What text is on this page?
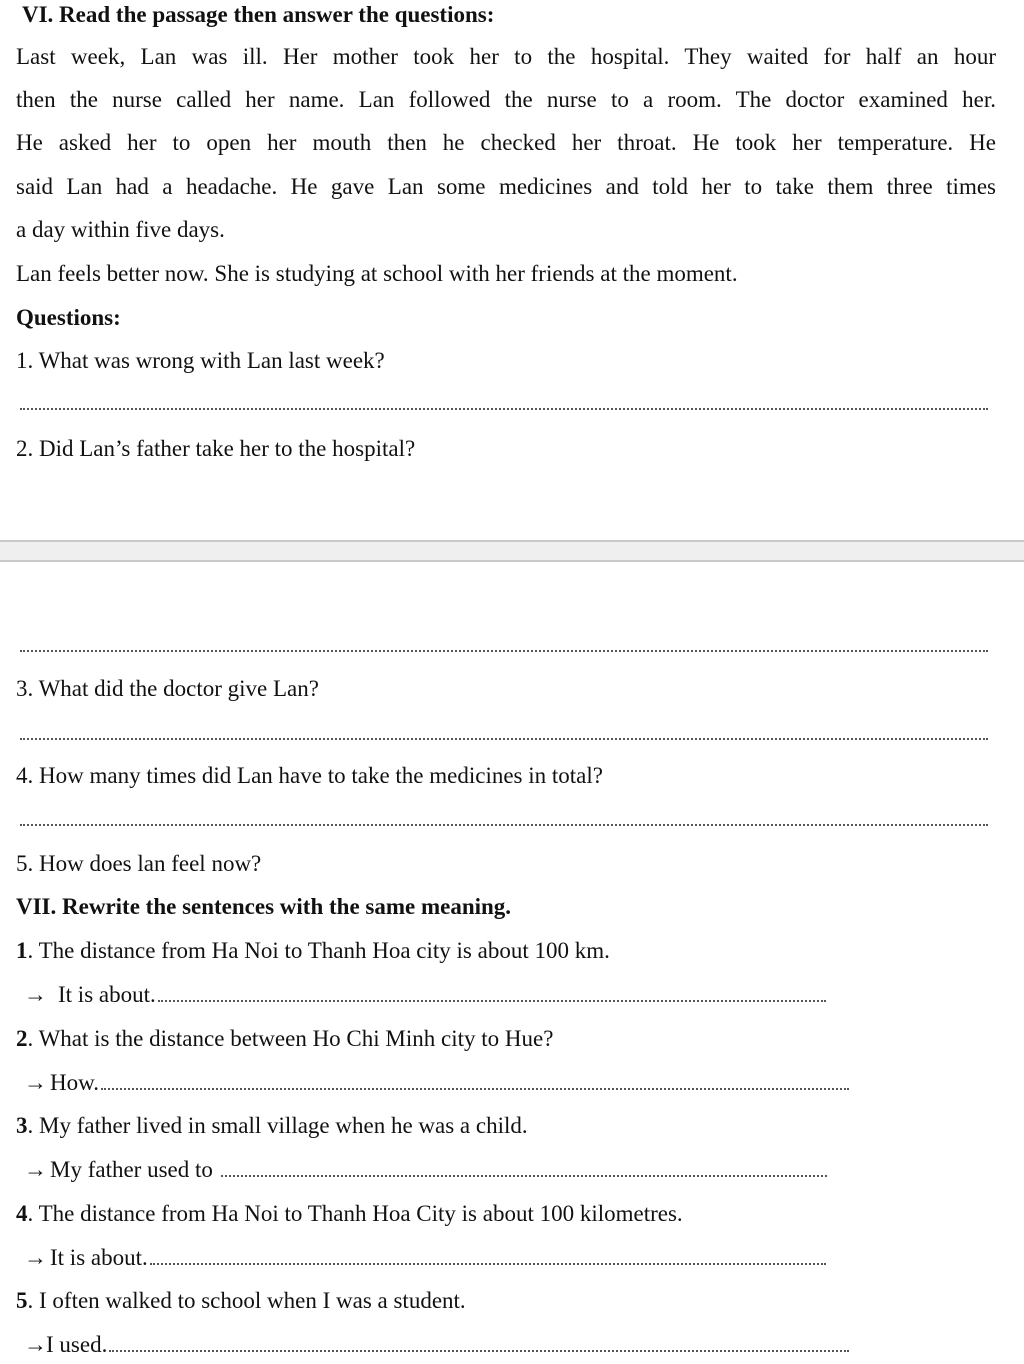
VI. Read the passage then answer the questions:
Last week, Lan was ill. Her mother took her to the hospital. They waited for half an hour
then the nurse called her name. Lan followed the nurse to a room. The doctor examined her.
He asked her to open her mouth then he checked her throat. He took her temperature. He
said Lan had a headache. He gave Lan some medicines and told her to take them three times
a day within five days.
Lan feels better now. She is studying at school with her friends at the moment.
Questions:
1. What was wrong with Lan last week?
2. Did Lan’s father take her to the hospital?
3. What did the doctor give Lan?
4. How many times did Lan have to take the medicines in total?
5. How does lan feel now?
VII. Rewrite the sentences with the same meaning.
1. The distance from Ha Noi to Thanh Hoa city is about 100 km.
→ It is about.
2. What is the distance between Ho Chi Minh city to Hue?
→ How.
3. My father lived in small village when he was a child.
→ My father used to
4. The distance from Ha Noi to Thanh Hoa City is about 100 kilometres.
→ It is about.
5. I often walked to school when I was a student.
→I used.
